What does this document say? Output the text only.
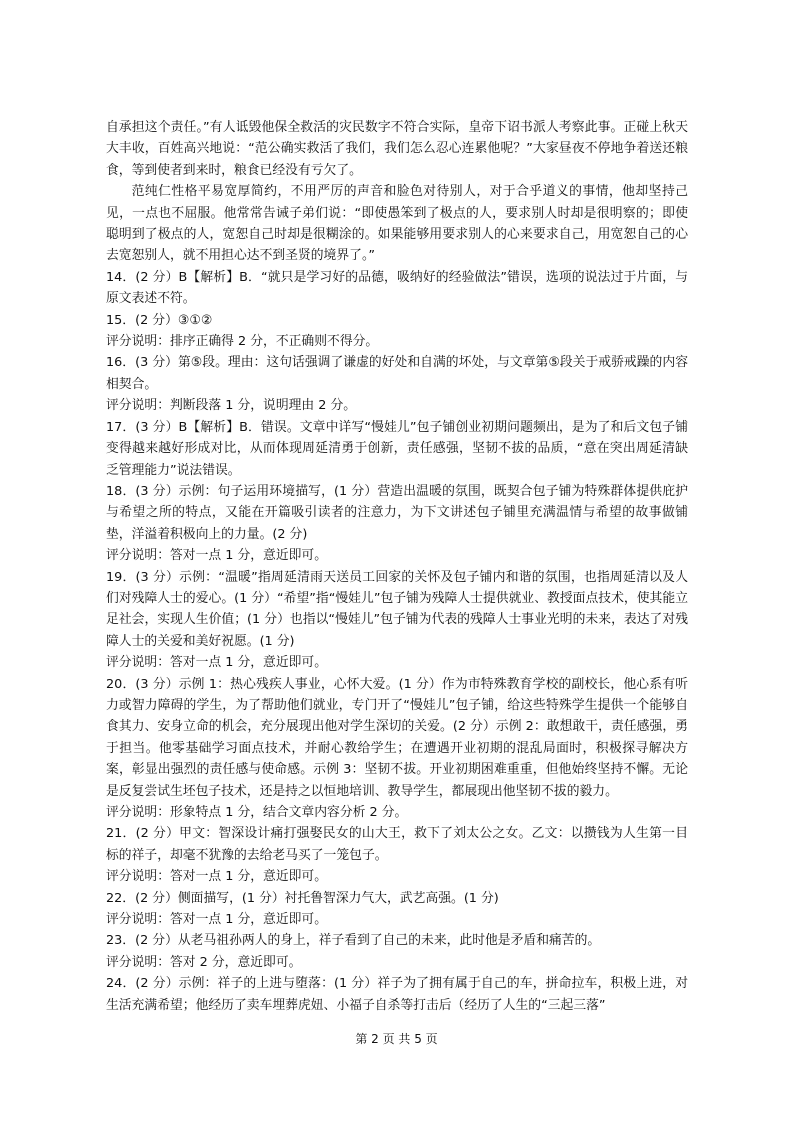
自承担这个责任。”有人诋毁他保全救活的灾民数字不符合实际，皇帝下诏书派人考察此事。正碰上秋天大丰收，百姓高兴地说：“范公确实救活了我们，我们怎么忍心连累他呢？”大家昼夜不停地争着送还粮食，等到使者到来时，粮食已经没有亏欠了。

范纯仁性格平易宽厚简约，不用严厉的声音和脸色对待别人，对于合乎道义的事情，他却坚持己见，一点也不屈服。他常常告诫子弟们说：“即使愚笨到了极点的人，要求别人时却是很明察的；即使聪明到了极点的人，宽恕自己时却是很糊涂的。如果能够用要求别人的心来要求自己，用宽恕自己的心去宽恕别人，就不用担心达不到圣贤的境界了。”

14．(2 分）B【解析】B．“就只是学习好的品德，吸纳好的经验做法”错误，选项的说法过于片面，与原文表述不符。

15．(2 分）③①②

评分说明：排序正确得 2 分，不正确则不得分。

16．(3 分）第⑤段。理由：这句话强调了谦虚的好处和自满的坏处，与文章第⑤段关于戒骄戒躁的内容相契合。

评分说明：判断段落 1 分，说明理由 2 分。

17．(3 分）B【解析】B．错误。文章中详写“慢娃儿”包子铺创业初期问题频出，是为了和后文包子铺变得越来越好形成对比，从而体现周延清勇于创新，责任感强，坚韧不拔的品质，“意在突出周延清缺乏管理能力”说法错误。

18．(3 分）示例：句子运用环境描写，(1 分）营造出温暖的氛围，既契合包子铺为特殊群体提供庇护与希望之所的特点，又能在开篇吸引读者的注意力，为下文讲述包子铺里充满温情与希望的故事做铺垫，洋溢着积极向上的力量。(2 分)

评分说明：答对一点 1 分，意近即可。

19．(3 分）示例：“温暖”指周延清雨天送员工回家的关怀及包子铺内和谐的氛围，也指周延清以及人们对残障人士的爱心。(1 分）“希望”指“慢娃儿”包子铺为残障人士提供就业、教授面点技术，使其能立足社会，实现人生价值；(1 分）也指以“慢娃儿”包子铺为代表的残障人士事业光明的未来，表达了对残障人士的关爱和美好祝愿。(1 分)

评分说明：答对一点 1 分，意近即可。

20．(3 分）示例 1：热心残疾人事业，心怀大爱。(1 分）作为市特殊教育学校的副校长，他心系有听力或智力障碍的学生，为了帮助他们就业，专门开了“慢娃儿”包子铺，给这些特殊学生提供一个能够自食其力、安身立命的机会，充分展现出他对学生深切的关爱。(2 分）示例 2：敢想敢干，责任感强，勇于担当。他零基础学习面点技术，并耐心教给学生；在遭遇开业初期的混乱局面时，积极探寻解决方案，彰显出强烈的责任感与使命感。示例 3：坚韧不拔。开业初期困难重重，但他始终坚持不懈。无论是反复尝试生坯包子技术，还是持之以恒地培训、教导学生，都展现出他坚韧不拔的毅力。

评分说明：形象特点 1 分，结合文章内容分析 2 分。

21．(2 分）甲文：智深设计痛打强娶民女的山大王，救下了刘太公之女。乙文：以攒钱为人生第一目标的祥子，却毫不犹豫的去给老马买了一笼包子。

评分说明：答对一点 1 分，意近即可。

22．(2 分）侧面描写，(1 分）衬托鲁智深力气大，武艺高强。(1 分)

评分说明：答对一点 1 分，意近即可。

23．(2 分）从老马祖孙两人的身上，祥子看到了自己的未来，此时他是矛盾和痛苦的。

评分说明：答对 2 分，意近即可。

24．(2 分）示例：祥子的上进与堕落：(1 分）祥子为了拥有属于自己的车，拼命拉车，积极上进，对生活充满希望；他经历了卖车埋葬虎妞、小福子自杀等打击后（经历了人生的“三起三落”

第 2 页 共 5 页
